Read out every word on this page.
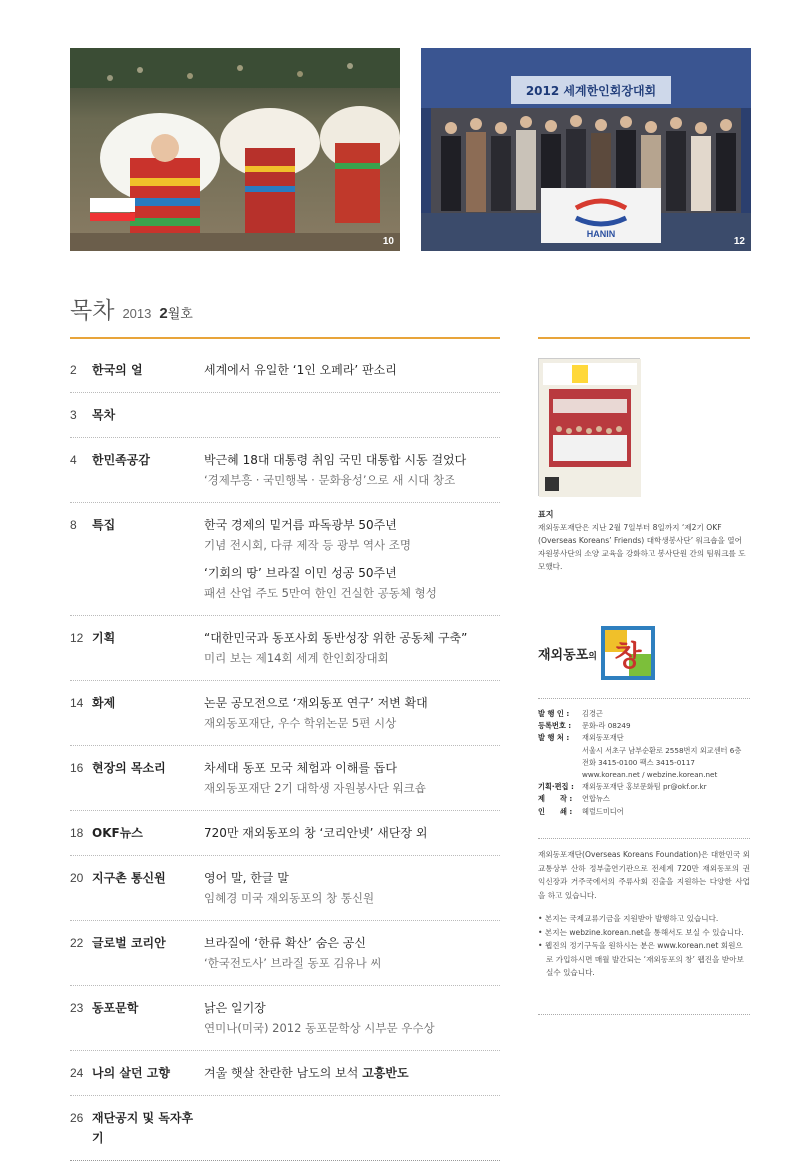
10
2012 세계한인회장대회
HANIN
12
목차 2013 2월호
2	한국의 얼	세계에서 유일한 ‘1인 오페라’ 판소리
3	목차
4	한민족공감	박근혜 18대 대통령 취임 국민 대통합 시동 걸었다
‘경제부흥 · 국민행복 · 문화융성’으로 새 시대 창조
8	특집	한국 경제의 밑거름 파독광부 50주년
기념 전시회, 다큐 제작 등 광부 역사 조명
‘기회의 땅’ 브라질 이민 성공 50주년
패션 산업 주도 5만여 한인 건실한 공동체 형성
12 기획	“대한민국과 동포사회 동반성장 위한 공동체 구축”
미리 보는 제14회 세계 한인회장대회
14 화제	논문 공모전으로 ‘재외동포 연구’ 저변 확대
재외동포재단, 우수 학위논문 5편 시상
16 현장의 목소리	차세대 동포 모국 체험과 이해를 돕다
재외동포재단 2기 대학생 자원봉사단 워크숍
18 OKF뉴스	720만 재외동포의 창 ‘코리안넷’ 새단장 외
20 지구촌 통신원	영어 말, 한글 말
임혜경 미국 재외동포의 창 통신원
22 글로벌 코리안	브라질에 ‘한류 확산’ 숨은 공신
‘한국전도사’ 브라질 동포 김유나 씨
23 동포문학	낡은 일기장
연미나(미국) 2012 동포문학상 시부문 우수상
24 나의 살던 고향	겨울 햇살 찬란한 남도의 보석 고흥반도
26 재단공지 및 독자후기
표지
재외동포재단은 지난 2월 7일부터 8일까지 ‘제2기 OKF (Overseas Koreans’ Friends) 대학생봉사단’ 워크숍을 열어 자원봉사단의 소양 교육을 강화하고 봉사단원 간의 팀워크를 도모했다.
재외동포의 창
발 행 인 :	김경근
등록번호 :	문화-라 08249
발 행 처 :	재외동포재단
서울시 서초구 남부순환로 2558번지 외교센터 6층
전화 3415-0100 팩스 3415-0117
www.korean.net / webzine.korean.net
기획·편집 :	재외동포재단 홍보문화팀 pr@okf.or.kr
제      작 :	연합뉴스
인      쇄 :	헤럴드미디어
재외동포재단(Overseas Koreans Foundation)은 대한민국 외교통상부 산하 정부출연기관으로 전세계 720만 재외동포의 권익신장과 거주국에서의 주류사회 진출을 지원하는 다양한 사업을 하고 있습니다.
• 본지는 국제교류기금을 지원받아 발행하고 있습니다.
• 본지는 webzine.korean.net을 통해서도 보실 수 있습니다.
• 웹진의 정기구독을 원하시는 분은 www.korean.net 회원으로 가입하시면 매월 발간되는 ‘재외동포의 창’ 웹진을 받아보실수 있습니다.
